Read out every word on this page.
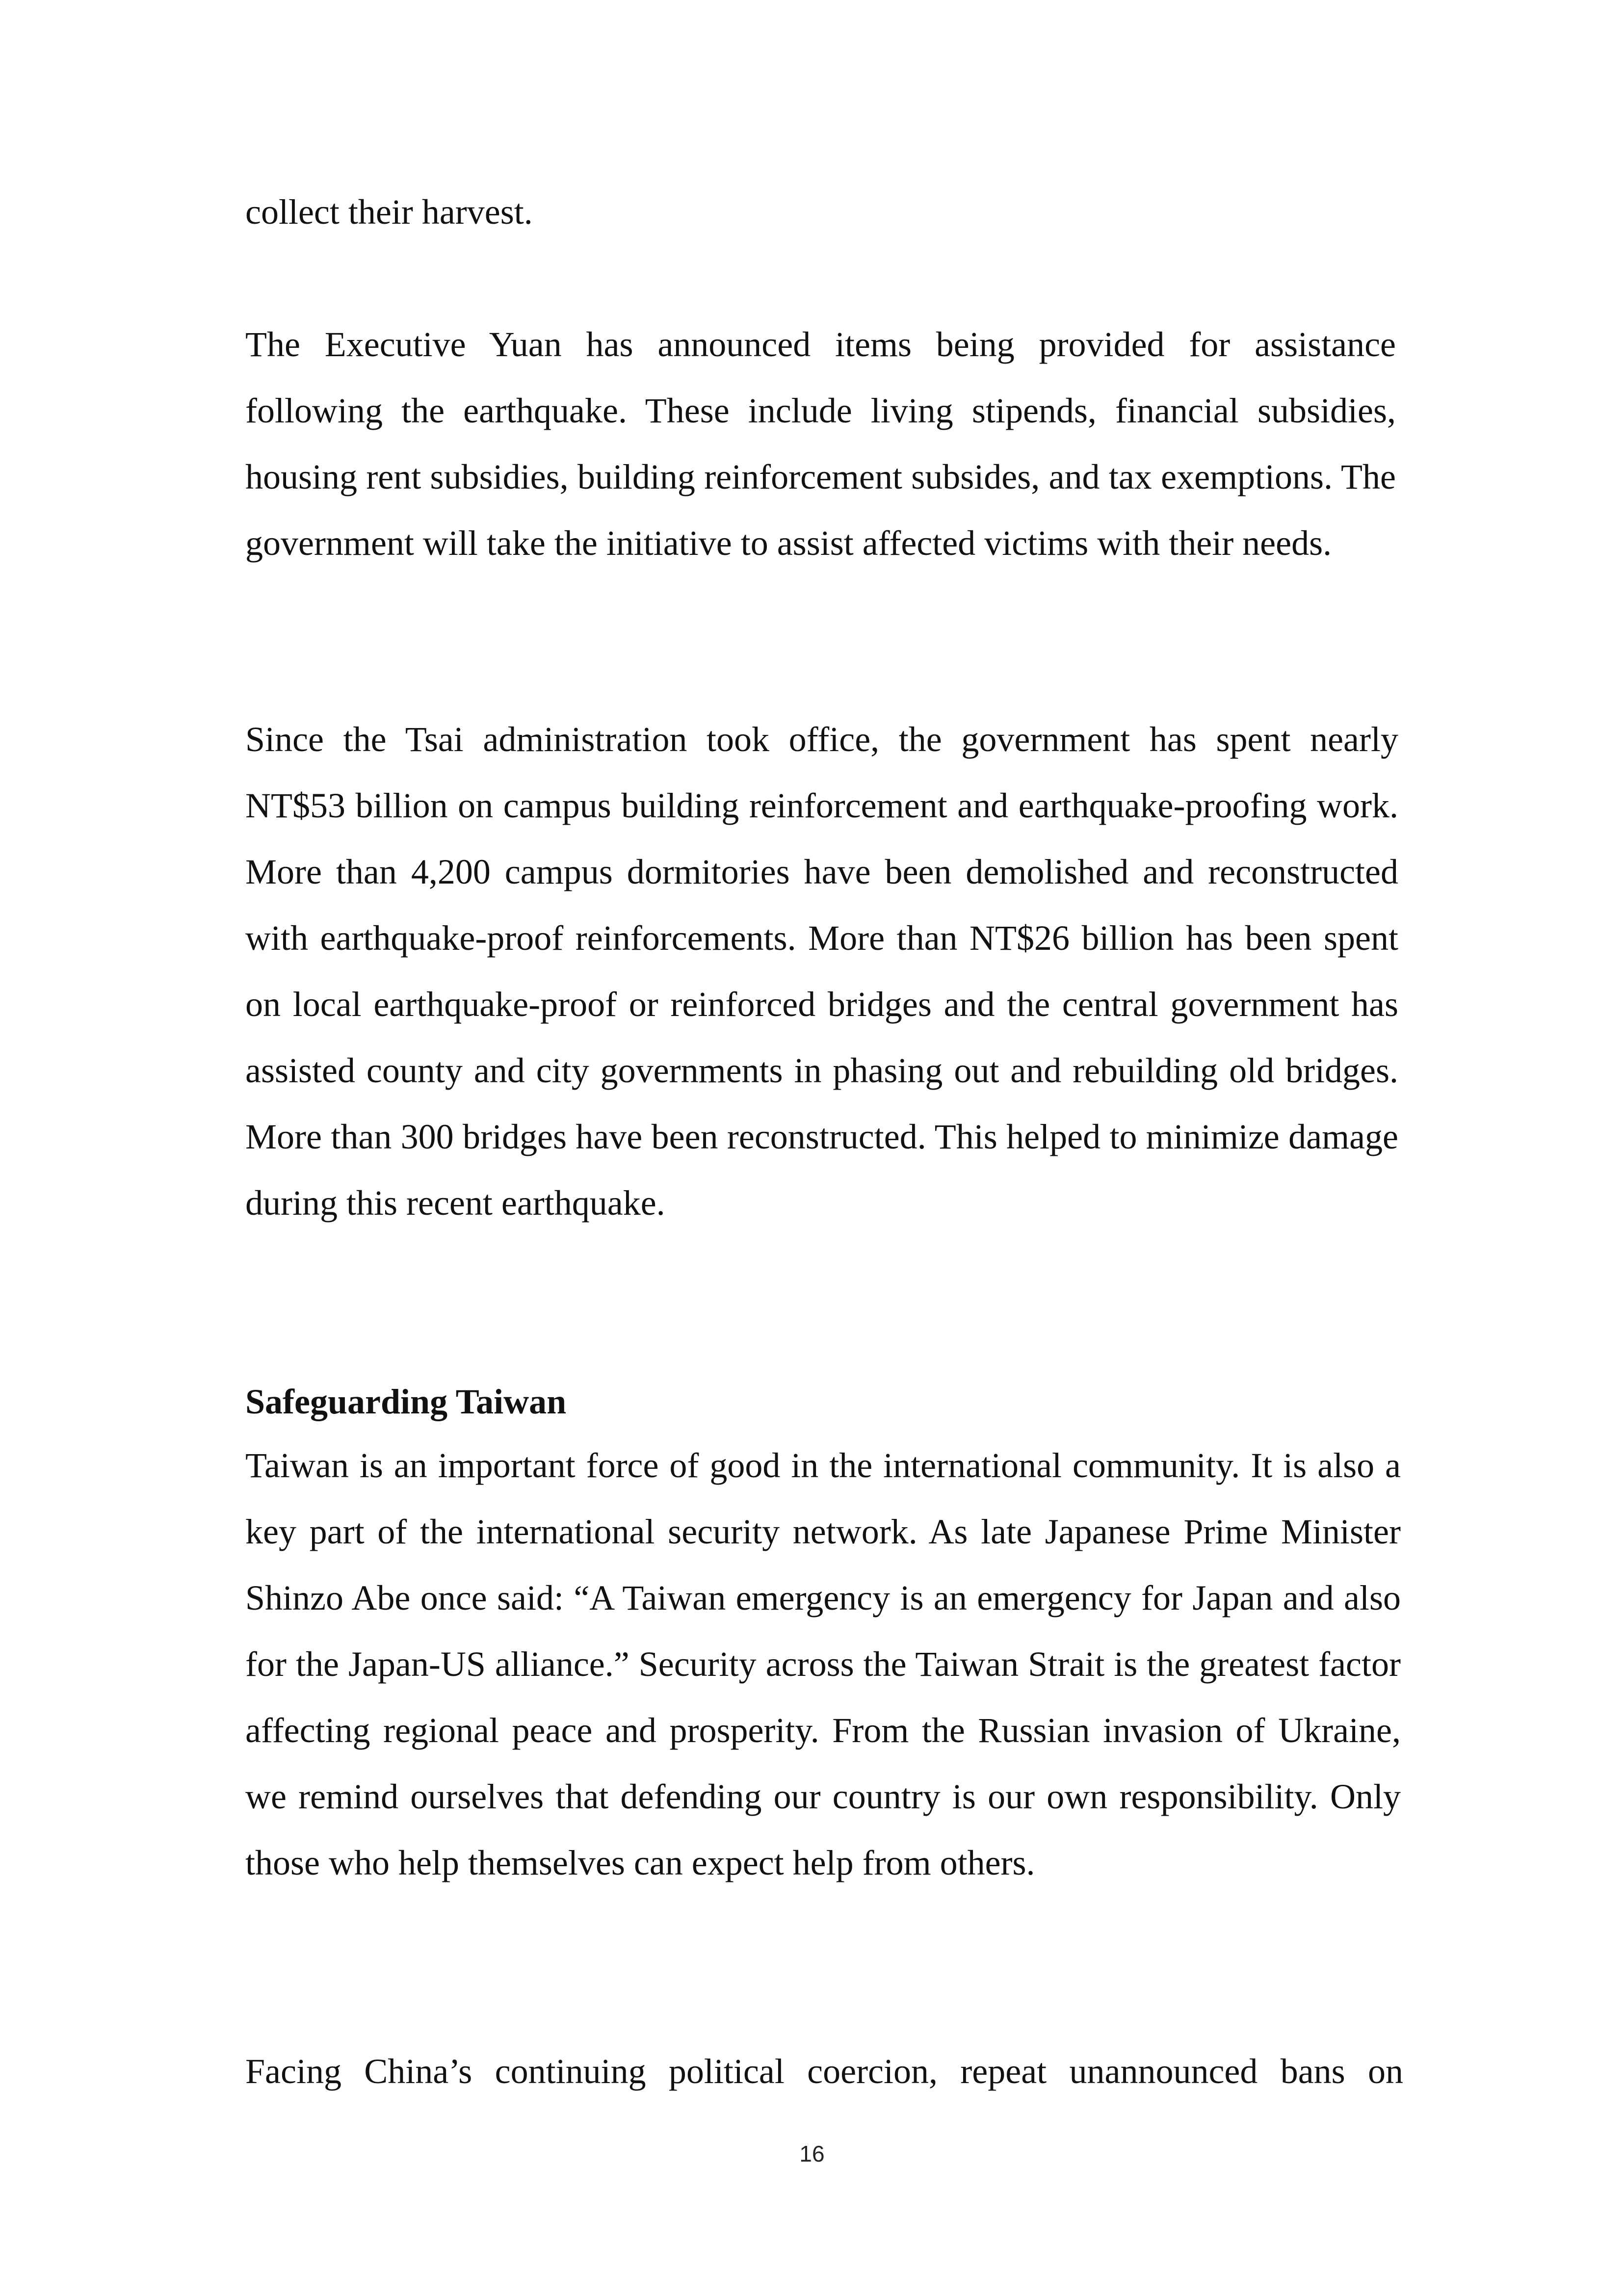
collect their harvest.

The Executive Yuan has announced items being provided for assistance following the earthquake. These include living stipends, financial subsidies, housing rent subsidies, building reinforcement subsides, and tax exemptions. The government will take the initiative to assist affected victims with their needs.

Since the Tsai administration took office, the government has spent nearly NT$53 billion on campus building reinforcement and earthquake-proofing work. More than 4,200 campus dormitories have been demolished and reconstructed with earthquake-proof reinforcements. More than NT$26 billion has been spent on local earthquake-proof or reinforced bridges and the central government has assisted county and city governments in phasing out and rebuilding old bridges. More than 300 bridges have been reconstructed. This helped to minimize damage during this recent earthquake.

Safeguarding Taiwan

Taiwan is an important force of good in the international community. It is also a key part of the international security network. As late Japanese Prime Minister Shinzo Abe once said: “A Taiwan emergency is an emergency for Japan and also for the Japan-US alliance.” Security across the Taiwan Strait is the greatest factor affecting regional peace and prosperity. From the Russian invasion of Ukraine, we remind ourselves that defending our country is our own responsibility. Only those who help themselves can expect help from others.

Facing China’s continuing political coercion, repeat unannounced bans on

16
